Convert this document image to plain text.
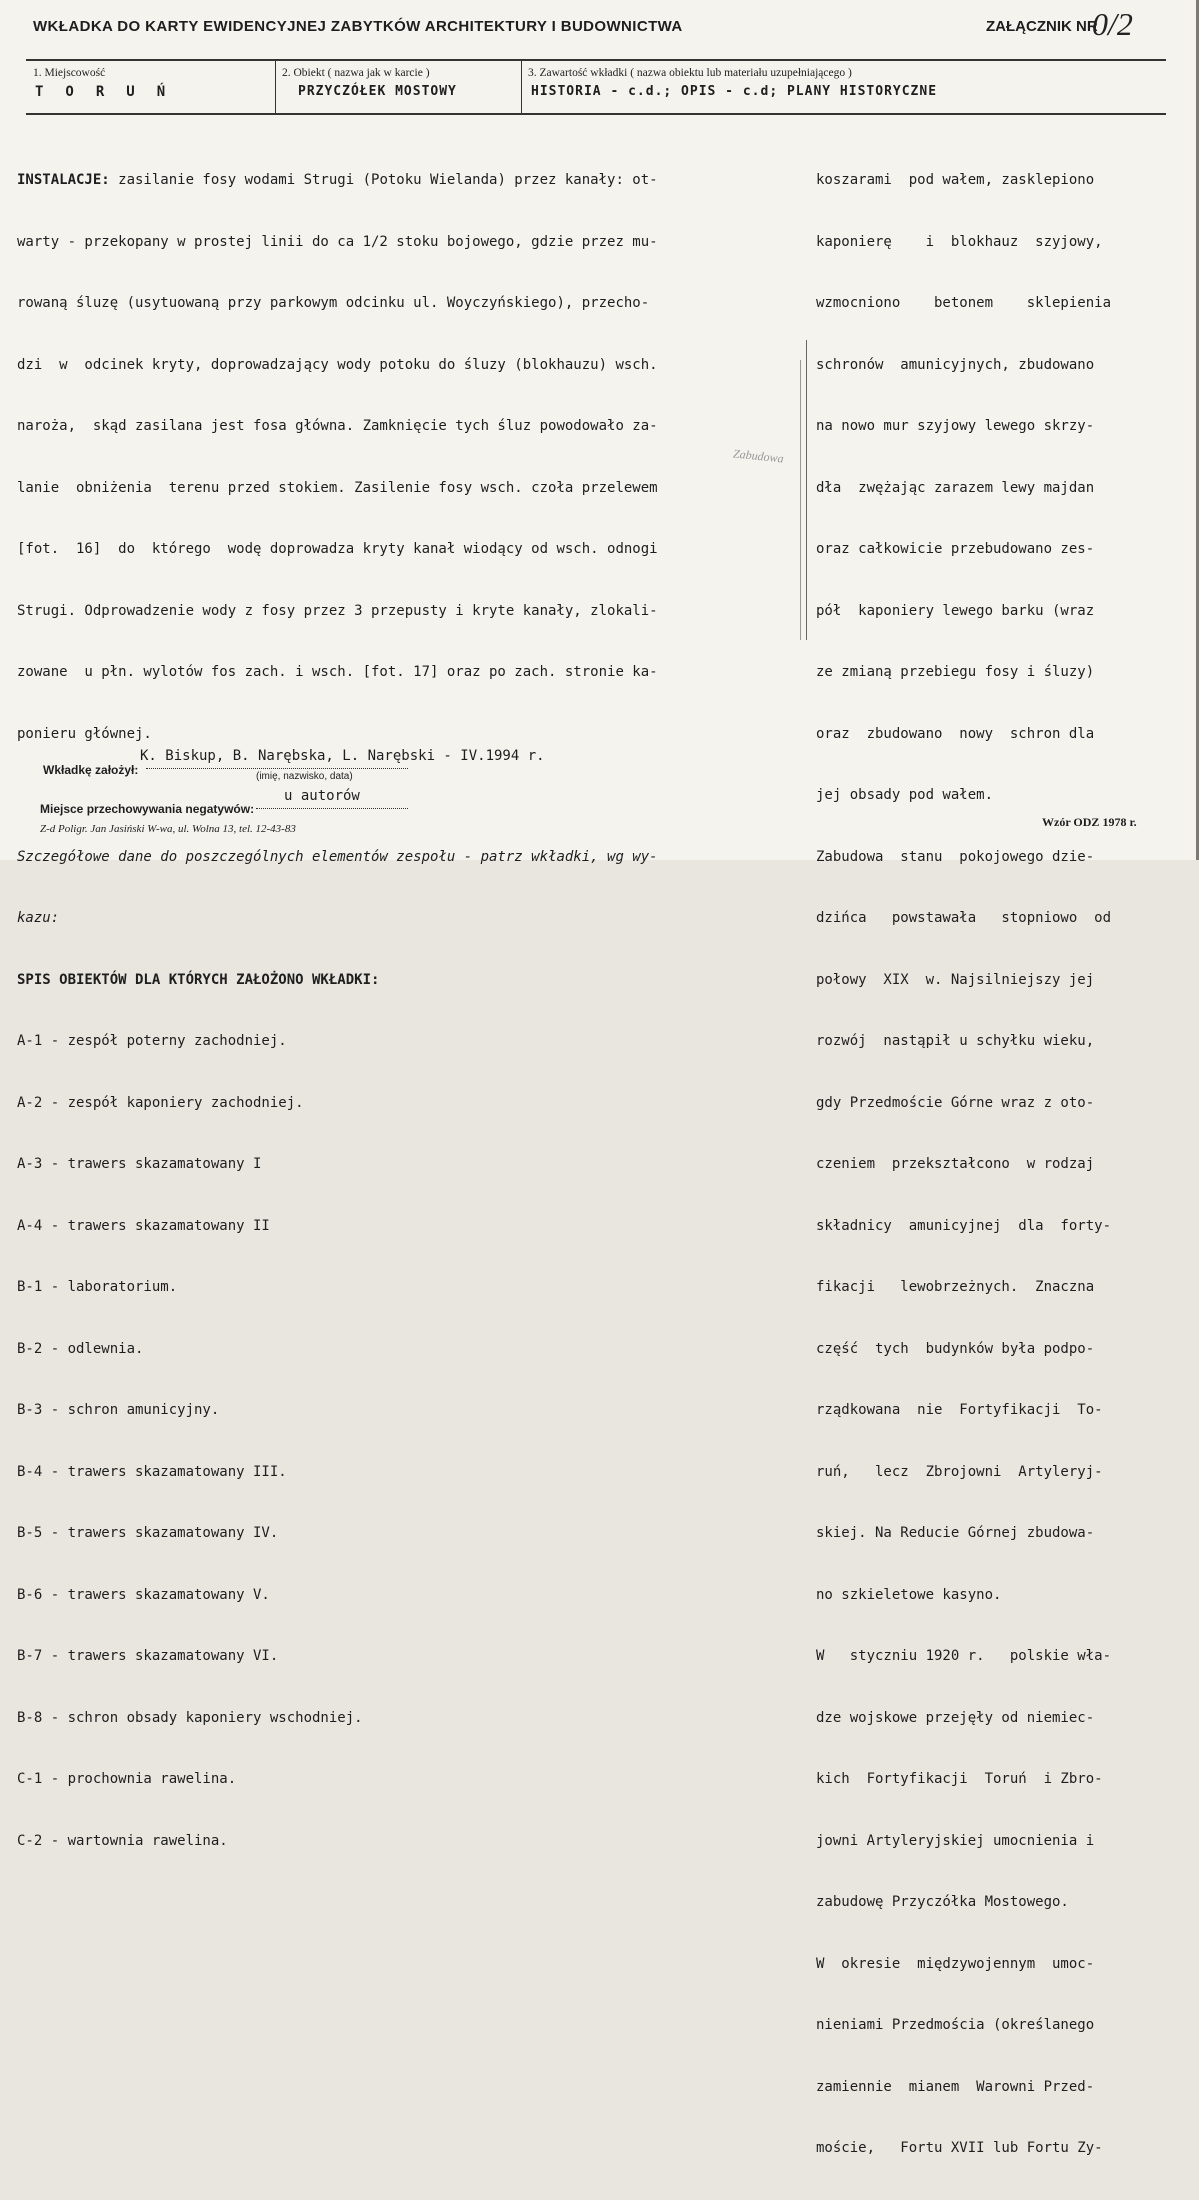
WKŁADKA DO KARTY EWIDENCYJNEJ ZABYTKÓW ARCHITEKTURY I BUDOWNICTWA	ZAŁĄCZNIK NR
0/2
1. Miejscowość
TORUŃ
2. Obiekt ( nazwa jak w karcie )
PRZYCZÓŁEK MOSTOWY
3. Zawartość wkładki ( nazwa obiektu lub materiału uzupełniającego )
HISTORIA - c.d.; OPIS - c.d; PLANY HISTORYCZNE

INSTALACJE: zasilanie fosy wodami Strugi (Potoku Wielanda) przez kanały: ot-

warty - przekopany w prostej linii do ca 1/2 stoku bojowego, gdzie przez mu-

rowaną śluzę (usytuowaną przy parkowym odcinku ul. Woyczyńskiego), przecho-

dzi  w  odcinek kryty, doprowadzający wody potoku do śluzy (blokhauzu) wsch.

naroża,  skąd zasilana jest fosa główna. Zamknięcie tych śluz powodowało za-

lanie  obniżenia  terenu przed stokiem. Zasilenie fosy wsch. czoła przelewem

[fot.  16]  do  którego  wodę doprowadza kryty kanał wiodący od wsch. odnogi

Strugi. Odprowadzenie wody z fosy przez 3 przepusty i kryte kanały, zlokali-

zowane  u płn. wylotów fos zach. i wsch. [fot. 17] oraz po zach. stronie ka-

ponieru głównej.

Szczegółowe dane do poszczególnych elementów zespołu - patrz wkładki, wg wy-

kazu:

SPIS OBIEKTÓW DLA KTÓRYCH ZAŁOŻONO WKŁADKI:

A-1 - zespół poterny zachodniej.

A-2 - zespół kaponiery zachodniej.

A-3 - trawers skazamatowany I

A-4 - trawers skazamatowany II

B-1 - laboratorium.

B-2 - odlewnia.

B-3 - schron amunicyjny.

B-4 - trawers skazamatowany III.

B-5 - trawers skazamatowany IV.

B-6 - trawers skazamatowany V.

B-7 - trawers skazamatowany VI.

B-8 - schron obsady kaponiery wschodniej.

C-1 - prochownia rawelina.

C-2 - wartownia rawelina.

Zabudowa

koszarami  pod wałem, zasklepiono

kaponierę    i  blokhauz  szyjowy,

wzmocniono    betonem    sklepienia

schronów  amunicyjnych, zbudowano

na nowo mur szyjowy lewego skrzy-

dła  zwężając zarazem lewy majdan

oraz całkowicie przebudowano zes-

pół  kaponiery lewego barku (wraz

ze zmianą przebiegu fosy i śluzy)

oraz  zbudowano  nowy  schron dla

jej obsady pod wałem.

Zabudowa  stanu  pokojowego dzie-

dzińca   powstawała   stopniowo  od

połowy  XIX  w. Najsilniejszy jej

rozwój  nastąpił u schyłku wieku,

gdy Przedmoście Górne wraz z oto-

czeniem  przekształcono  w rodzaj

składnicy  amunicyjnej  dla  forty-

fikacji   lewobrzeżnych.  Znaczna

część  tych  budynków była podpo-

rządkowana  nie  Fortyfikacji  To-

ruń,   lecz  Zbrojowni  Artyleryj-

skiej. Na Reducie Górnej zbudowa-

no szkieletowe kasyno.

W   styczniu 1920 r.   polskie wła-

dze wojskowe przejęły od niemiec-

kich  Fortyfikacji  Toruń  i Zbro-

jowni Artyleryjskiej umocnienia i

zabudowę Przyczółka Mostowego.

W  okresie  międzywojennym  umoc-

nieniami Przedmościa (określanego

zamiennie  mianem  Warowni Przed-

moście,   Fortu XVII lub Fortu Zy-

K. Biskup, B. Narębska, L. Narębski - IV.1994 r.
Wkładkę założył:	(imię, nazwisko, data)
u autorów
Miejsce przechowywania negatywów:
Z-d Poligr. Jan Jasiński W-wa, ul. Wolna 13, tel. 12-43-83	Wzór ODZ 1978 r.
